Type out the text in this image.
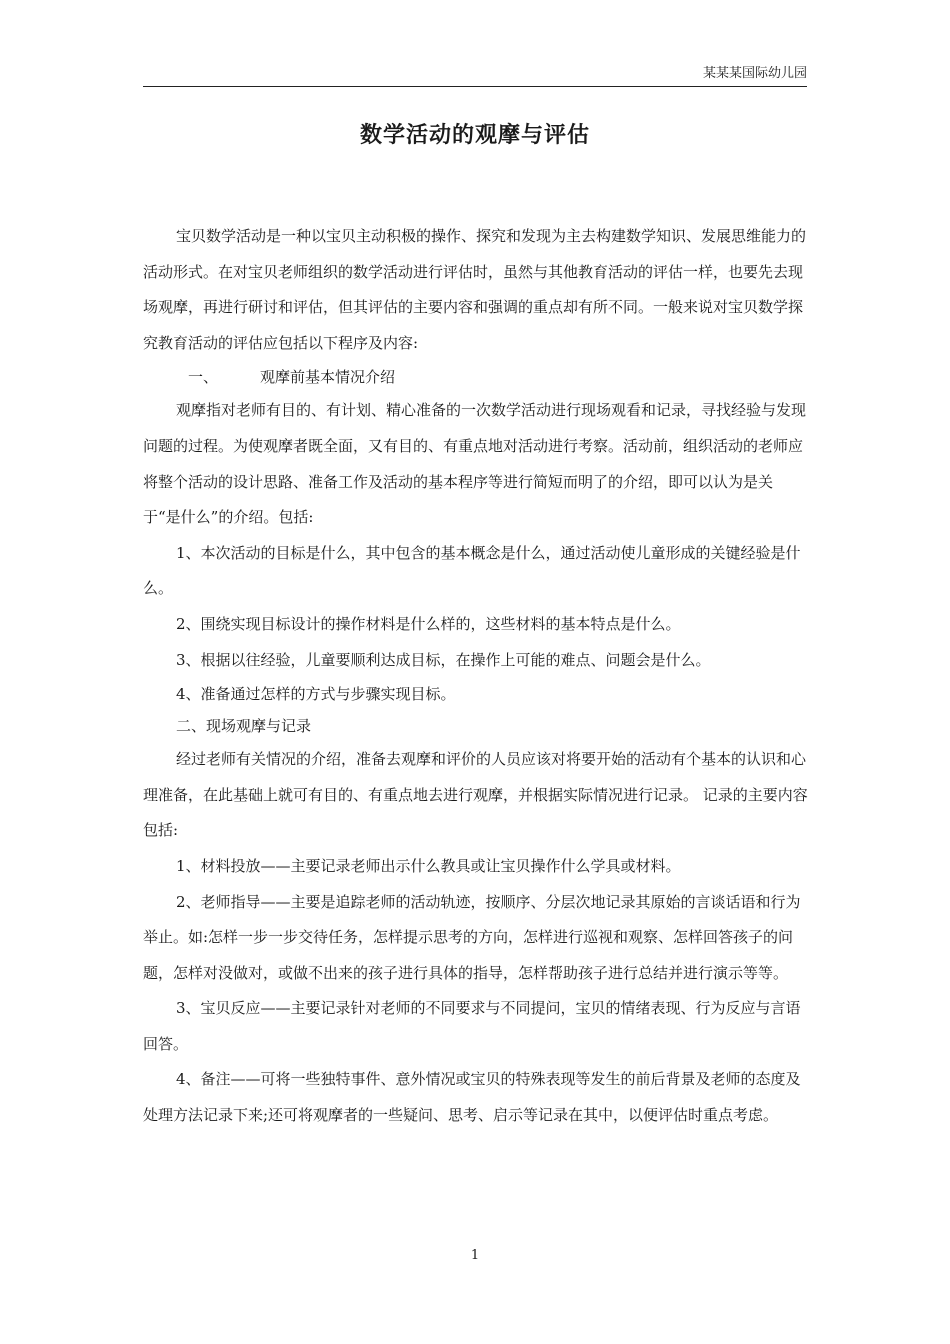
某某某国际幼儿园
数学活动的观摩与评估

宝贝数学活动是一种以宝贝主动积极的操作、探究和发现为主去构建数学知识、发展思维能力的活动形式。在对宝贝老师组织的数学活动进行评估时，虽然与其他教育活动的评估一样，也要先去现场观摩，再进行研讨和评估，但其评估的主要内容和强调的重点却有所不同。一般来说对宝贝数学探究教育活动的评估应包括以下程序及内容:

一、	观摩前基本情况介绍

观摩指对老师有目的、有计划、精心准备的一次数学活动进行现场观看和记录，寻找经验与发现问题的过程。为使观摩者既全面，又有目的、有重点地对活动进行考察。活动前，组织活动的老师应将整个活动的设计思路、准备工作及活动的基本程序等进行简短而明了的介绍，即可以认为是关于“是什么”的介绍。包括:

1、本次活动的目标是什么，其中包含的基本概念是什么，通过活动使儿童形成的关键经验是什么。

2、围绕实现目标设计的操作材料是什么样的，这些材料的基本特点是什么。

3、根据以往经验，儿童要顺利达成目标，在操作上可能的难点、问题会是什么。

4、准备通过怎样的方式与步骤实现目标。

二、现场观摩与记录

经过老师有关情况的介绍，准备去观摩和评价的人员应该对将要开始的活动有个基本的认识和心理准备，在此基础上就可有目的、有重点地去进行观摩，并根据实际情况进行记录。 记录的主要内容包括:

1、材料投放——主要记录老师出示什么教具或让宝贝操作什么学具或材料。

2、老师指导——主要是追踪老师的活动轨迹，按顺序、分层次地记录其原始的言谈话语和行为举止。如:怎样一步一步交待任务，怎样提示思考的方向，怎样进行巡视和观察、怎样回答孩子的问题，怎样对没做对，或做不出来的孩子进行具体的指导，怎样帮助孩子进行总结并进行演示等等。

3、宝贝反应——主要记录针对老师的不同要求与不同提问，宝贝的情绪表现、行为反应与言语回答。

4、备注——可将一些独特事件、意外情况或宝贝的特殊表现等发生的前后背景及老师的态度及处理方法记录下来;还可将观摩者的一些疑问、思考、启示等记录在其中，以便评估时重点考虑。

1
